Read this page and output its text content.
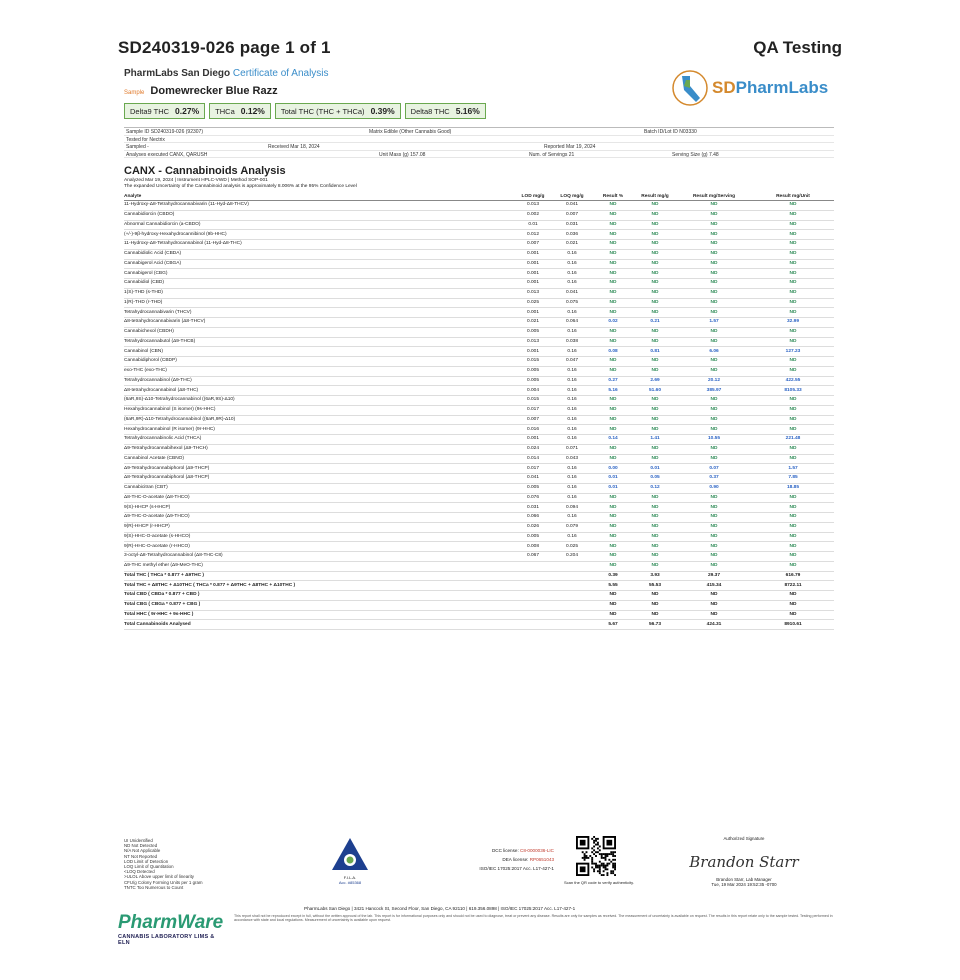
SD240319-026 page 1 of 1	QA Testing
PharmLabs San Diego Certificate of Analysis
Sample Domewrecker Blue Razz
Delta9 THC 0.27% THCa 0.12% Total THC (THC + THCa) 0.39% Delta8 THC 5.16%
SDPharmLabs
Sample ID SD240319-026 (92307)	Matrix Edible (Other Cannabis Good)	Batch ID/Lot ID N03330
Tested for Nectrix
Sampled -	Received Mar 18, 2024	Reported Mar 19, 2024
Analyses executed CANX, QARUSH	Unit Mass (g) 157.08	Num. of Servings 21	Serving Size (g) 7.48
CANX - Cannabinoids Analysis
Analyzed Mar 19, 2024 | Instrument HPLC-VWD | Method SOP-001
The expanded Uncertainty of the Cannabinoid analysis is approximately 8.006% at the 95% Confidence Level
Analyte	LOD mg/g	LOQ mg/g	Result %	Result mg/g	Result mg/Serving	Result mg/Unit
11-Hydroxy-Δ8-Tetrahydrocannabivarin (11-Hyd-Δ8-THCV)	0.013	0.041	ND	ND	ND	ND
Cannabidiorcin (CBDO)	0.002	0.007	ND	ND	ND	ND
Abnormal Cannabidiorcin (a-CBDO)	0.01	0.031	ND	ND	ND	ND
(+/-)-9β-hydroxy-Hexahydrocannibinol (9b-HHC)	0.012	0.036	ND	ND	ND	ND
11-Hydroxy-Δ8-Tetrahydrocannabinol (11-Hyd-Δ8-THC)	0.007	0.021	ND	ND	ND	ND
Cannabidiolic Acid (CBDA)	0.001	0.16	ND	ND	ND	ND
Cannabigerol Acid (CBGA)	0.001	0.16	ND	ND	ND	ND
Cannabigerol (CBG)	0.001	0.16	ND	ND	ND	ND
Cannabidiol (CBD)	0.001	0.16	ND	ND	ND	ND
1(S)-THD (s-THD)	0.013	0.041	ND	ND	ND	ND
1(R)-THD (r-THD)	0.025	0.075	ND	ND	ND	ND
Tetrahydrocannabivarin (THCV)	0.001	0.16	ND	ND	ND	ND
Δ8-tetrahydrocannabivarin (Δ8-THCV)	0.021	0.064	0.02	0.21	1.57	32.99
Cannabichexol (CBDH)	0.005	0.16	ND	ND	ND	ND
Tetrahydrocannabutol (Δ9-THCB)	0.013	0.038	ND	ND	ND	ND
Cannabinol (CBN)	0.001	0.16	0.08	0.81	6.06	127.23
Cannabidiphorol (CBDP)	0.015	0.047	ND	ND	ND	ND
exo-THC (exo-THC)	0.005	0.16	ND	ND	ND	ND
Tetrahydrocannabinol (Δ9-THC)	0.005	0.16	0.27	2.69	20.12	422.55
Δ8-tetrahydrocannabinol (Δ8-THC)	0.004	0.16	5.16	51.60	385.97	8105.33
(6aR,9S)-Δ10-Tetrahydrocannabinol ((6aR,9S)-Δ10)	0.015	0.16	ND	ND	ND	ND
Hexahydrocannabinol (S isomer) (9s-HHC)	0.017	0.16	ND	ND	ND	ND
(6aR,9R)-Δ10-Tetrahydrocannabinol ((6aR,9R)-Δ10)	0.007	0.16	ND	ND	ND	ND
Hexahydrocannabinol (R isomer) (9r-HHC)	0.016	0.16	ND	ND	ND	ND
Tetrahydrocannabinolic Acid (THCA)	0.001	0.16	0.14	1.41	10.55	221.48
Δ9-Tetrahydrocannabihexol (Δ9-THCH)	0.024	0.071	ND	ND	ND	ND
Cannabinol Acetate (CBNO)	0.014	0.043	ND	ND	ND	ND
Δ9-Tetrahydrocannabiphorol (Δ9-THCP)	0.017	0.16	0.00	0.01	0.07	1.57
Δ8-Tetrahydrocannabiphorol (Δ8-THCP)	0.041	0.16	0.01	0.05	0.37	7.85
Cannabicitran (CBT)	0.005	0.16	0.01	0.12	0.90	18.85
Δ8-THC-O-acetate (Δ8-THCO)	0.076	0.16	ND	ND	ND	ND
9(S)-HHCP (s-HHCP)	0.031	0.094	ND	ND	ND	ND
Δ9-THC-O-acetate (Δ9-THCO)	0.066	0.16	ND	ND	ND	ND
9(R)-HHCP (r-HHCP)	0.026	0.079	ND	ND	ND	ND
9(S)-HHC-O-acetate (s-HHCO)	0.005	0.16	ND	ND	ND	ND
9(R)-HHC-O-acetate (r-HHCO)	0.008	0.025	ND	ND	ND	ND
3-octyl-Δ8-Tetrahydrocannabinol (Δ8-THC-C8)	0.067	0.204	ND	ND	ND	ND
Δ9-THC methyl ether (Δ9-MeO-THC)			ND	ND	ND	ND
Total THC ( THCa * 0.877 + Δ9THC )			0.39	3.93	29.37	616.79
Total THC + Δ8THC + Δ10THC ( THCa * 0.877 + Δ9THC + Δ8THC + Δ10THC )			5.55	55.53	415.34	8722.11
Total CBD ( CBDa * 0.877 + CBD )			ND	ND	ND	ND
Total CBG ( CBGa * 0.877 + CBG )			ND	ND	ND	ND
Total HHC ( 9r-HHC + 9s-HHC )			ND	ND	ND	ND
Total Cannabinoids Analysed			5.67	56.73	424.31	8910.61
UI Unidentified
ND Not Detected
N/A Not Applicable
NT Not Reported
LOD Limit of Detection
LOQ Limit of Quantitation
<LOQ Detected
>ULOL Above upper limit of linearity
CFU/g Colony Forming Units per 1 gram
TNTC Too Numerous to Count
F.I.L.A.
Acc. #85368
DCC license: C8-0000036-LIC
DEA license: RP0651043
ISO/IEC 17025:2017 Acc. L17-427-1
Scan the QR code to verify authenticity.
Authorized Signature
Brandon Starr
Brandon Starr, Lab Manager
Tue, 19 Mar 2024 19:52:35 -0700
PharmLabs San Diego | 3421 Hancock St, Second Floor, San Diego, CA 92110 | 619.356.0898 | ISO/IEC 17025:2017 Acc. L17-427-1
This report shall not be reproduced except in full, without the written approval of the lab. This report is for informational purposes only and should not be used to diagnose, treat or prevent any disease. Results are only for samples as received. The measurement of uncertainty is available on request. The results in this report relate only to the sample tested. Testing performed in accordance with state and local regulations. Measurement of uncertainty is available upon request.
PharmWare
CANNABIS LABORATORY LIMS & ELN
